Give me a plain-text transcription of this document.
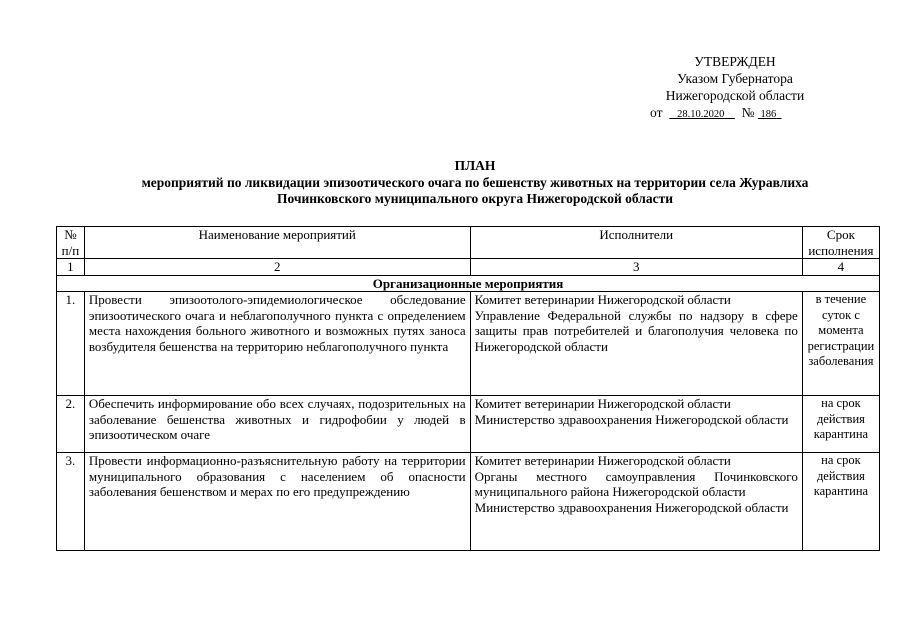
УТВЕРЖДЕН
Указом Губернатора
Нижегородской области
от 28.10.2020 № 186
ПЛАН
мероприятий по ликвидации эпизоотического очага по бешенству животных на территории села Журавлиха
Починковского муниципального округа Нижегородской области
№ п/п	Наименование мероприятий	Исполнители	Срок исполнения
1	2	3	4
Организационные мероприятия			
1.	Провести эпизоотолого-эпидемиологическое обследование эпизоотического очага и неблагополучного пункта с определением места нахождения больного животного и возможных путях заноса возбудителя бешенства на территорию неблагополучного пункта	Комитет ветеринарии Нижегородской области
Управление Федеральной службы по надзору в сфере защиты прав потребителей и благополучия человека по Нижегородской области	в течение суток с момента регистрации заболевания
2.	Обеспечить информирование обо всех случаях, подозрительных на заболевание бешенства животных и гидрофобии у людей в эпизоотическом очаге	Комитет ветеринарии Нижегородской области
Министерство здравоохранения Нижегородской области	на срок действия карантина
3.	Провести информационно-разъяснительную работу на территории муниципального образования с населением об опасности заболевания бешенством и мерах по его предупреждению	Комитет ветеринарии Нижегородской области
Органы местного самоуправления Починковского муниципального района Нижегородской области
Министерство здравоохранения Нижегородской области	на срок действия карантина
